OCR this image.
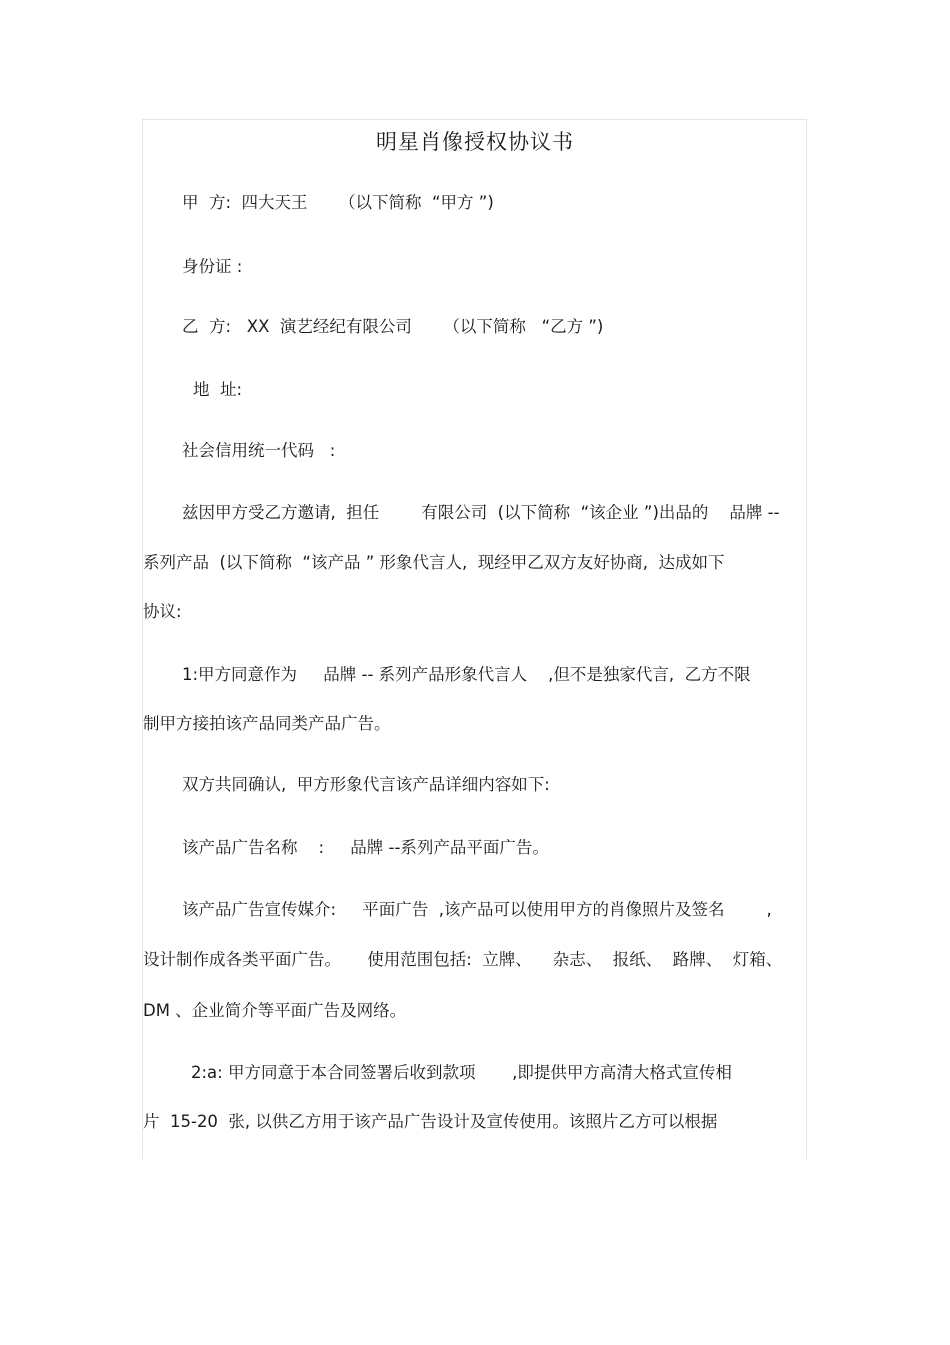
明星肖像授权协议书
甲  方:  四大天王      （以下简称  “甲方 ”)
身份证 :
乙  方:   XX  演艺经纪有限公司      （以下简称   “乙方 ”)
地  址:
社会信用统一代码   :
兹因甲方受乙方邀请,  担任        有限公司  (以下简称  “该企业 ”)出品的    品牌 --
系列产品  (以下简称  “该产品 ” 形象代言人,  现经甲乙双方友好协商,  达成如下
协议:
1:甲方同意作为     品牌 -- 系列产品形象代言人    ,但不是独家代言,  乙方不限
制甲方接拍该产品同类产品广告。
双方共同确认,  甲方形象代言该产品详细内容如下:
该产品广告名称    :     品牌 --系列产品平面广告。
该产品广告宣传媒介:     平面广告  ,该产品可以使用甲方的肖像照片及签名        ,
设计制作成各类平面广告。     使用范围包括:  立牌、    杂志、  报纸、  路牌、  灯箱、
DM 、企业简介等平面广告及网络。
2:a: 甲方同意于本合同签署后收到款项       ,即提供甲方高清大格式宣传相
片  15-20  张, 以供乙方用于该产品广告设计及宣传使用。该照片乙方可以根据
